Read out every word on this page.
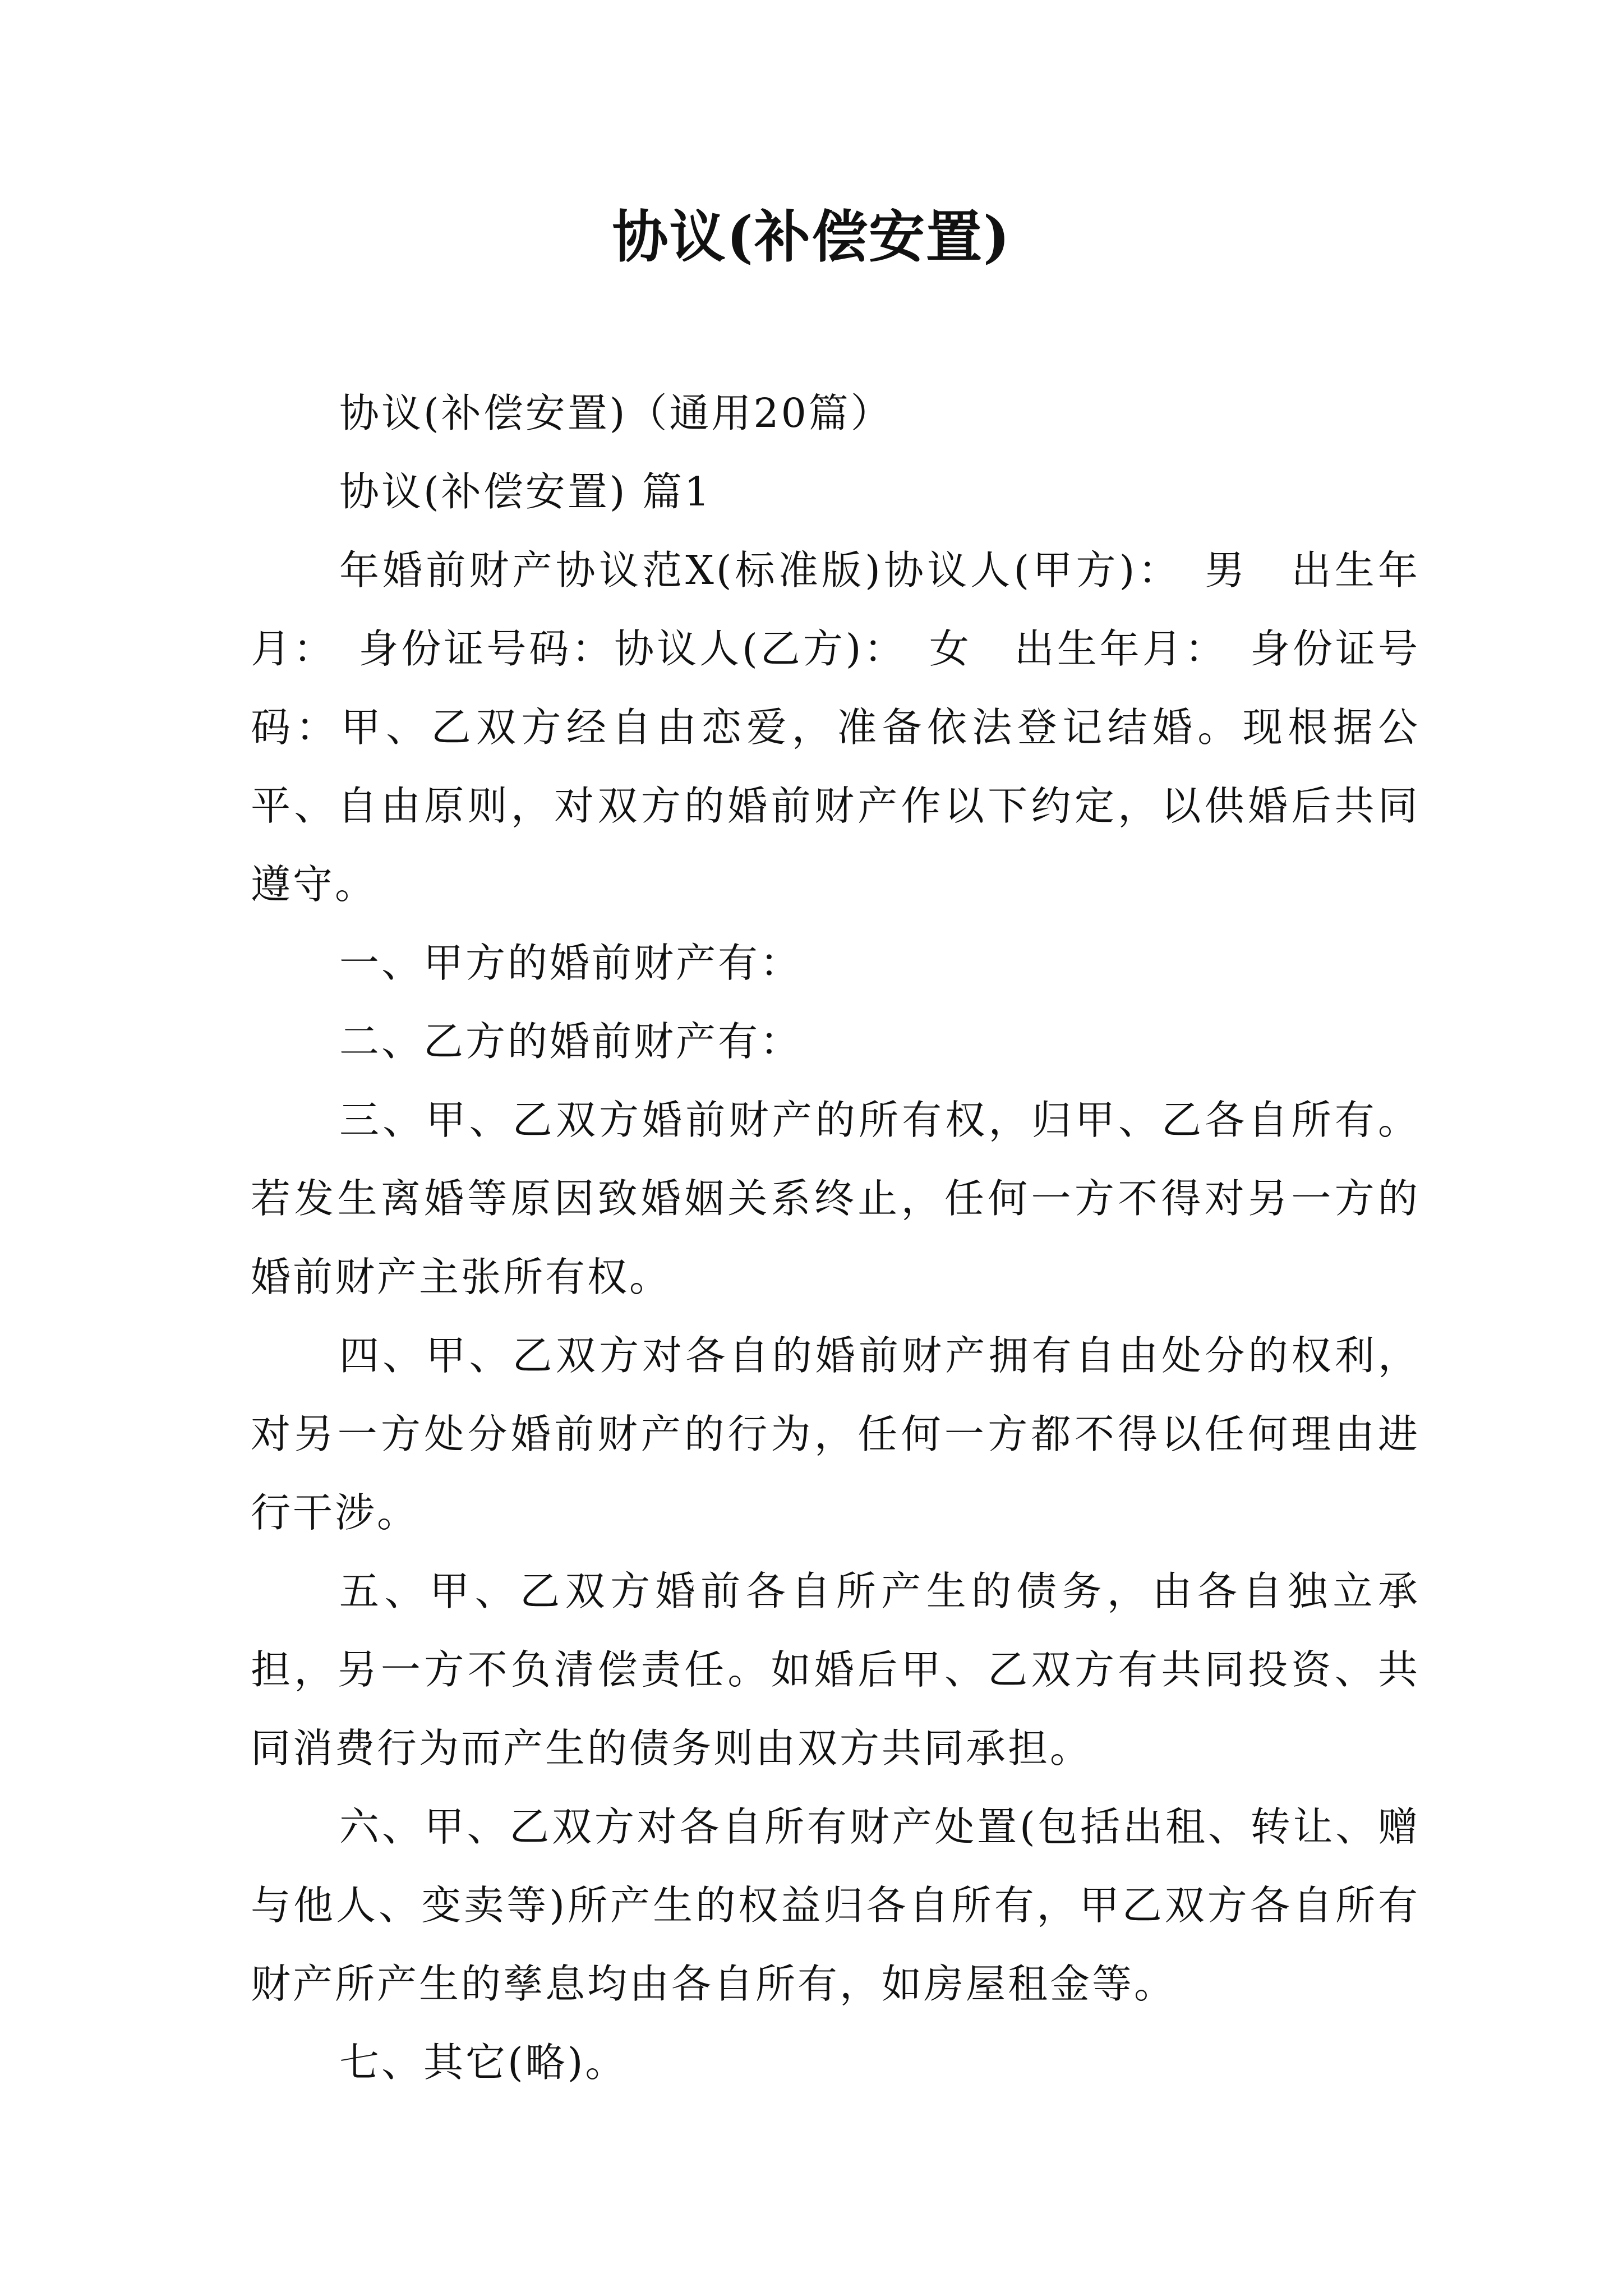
协议(补偿安置)

协议(补偿安置)（通用20篇）

协议(补偿安置) 篇1

年婚前财产协议范X(标准版)协议人(甲方)：　男　出生年月：　身份证号码：协议人(乙方)：　女　出生年月：　身份证号码：甲、乙双方经自由恋爱，准备依法登记结婚。现根据公平、自由原则，对双方的婚前财产作以下约定，以供婚后共同遵守。

一、甲方的婚前财产有：

二、乙方的婚前财产有：

三、甲、乙双方婚前财产的所有权，归甲、乙各自所有。若发生离婚等原因致婚姻关系终止，任何一方不得对另一方的婚前财产主张所有权。

四、甲、乙双方对各自的婚前财产拥有自由处分的权利，对另一方处分婚前财产的行为，任何一方都不得以任何理由进行干涉。

五、甲、乙双方婚前各自所产生的债务，由各自独立承担，另一方不负清偿责任。如婚后甲、乙双方有共同投资、共同消费行为而产生的债务则由双方共同承担。

六、甲、乙双方对各自所有财产处置(包括出租、转让、赠与他人、变卖等)所产生的权益归各自所有，甲乙双方各自所有财产所产生的孳息均由各自所有，如房屋租金等。

七、其它(略)。
